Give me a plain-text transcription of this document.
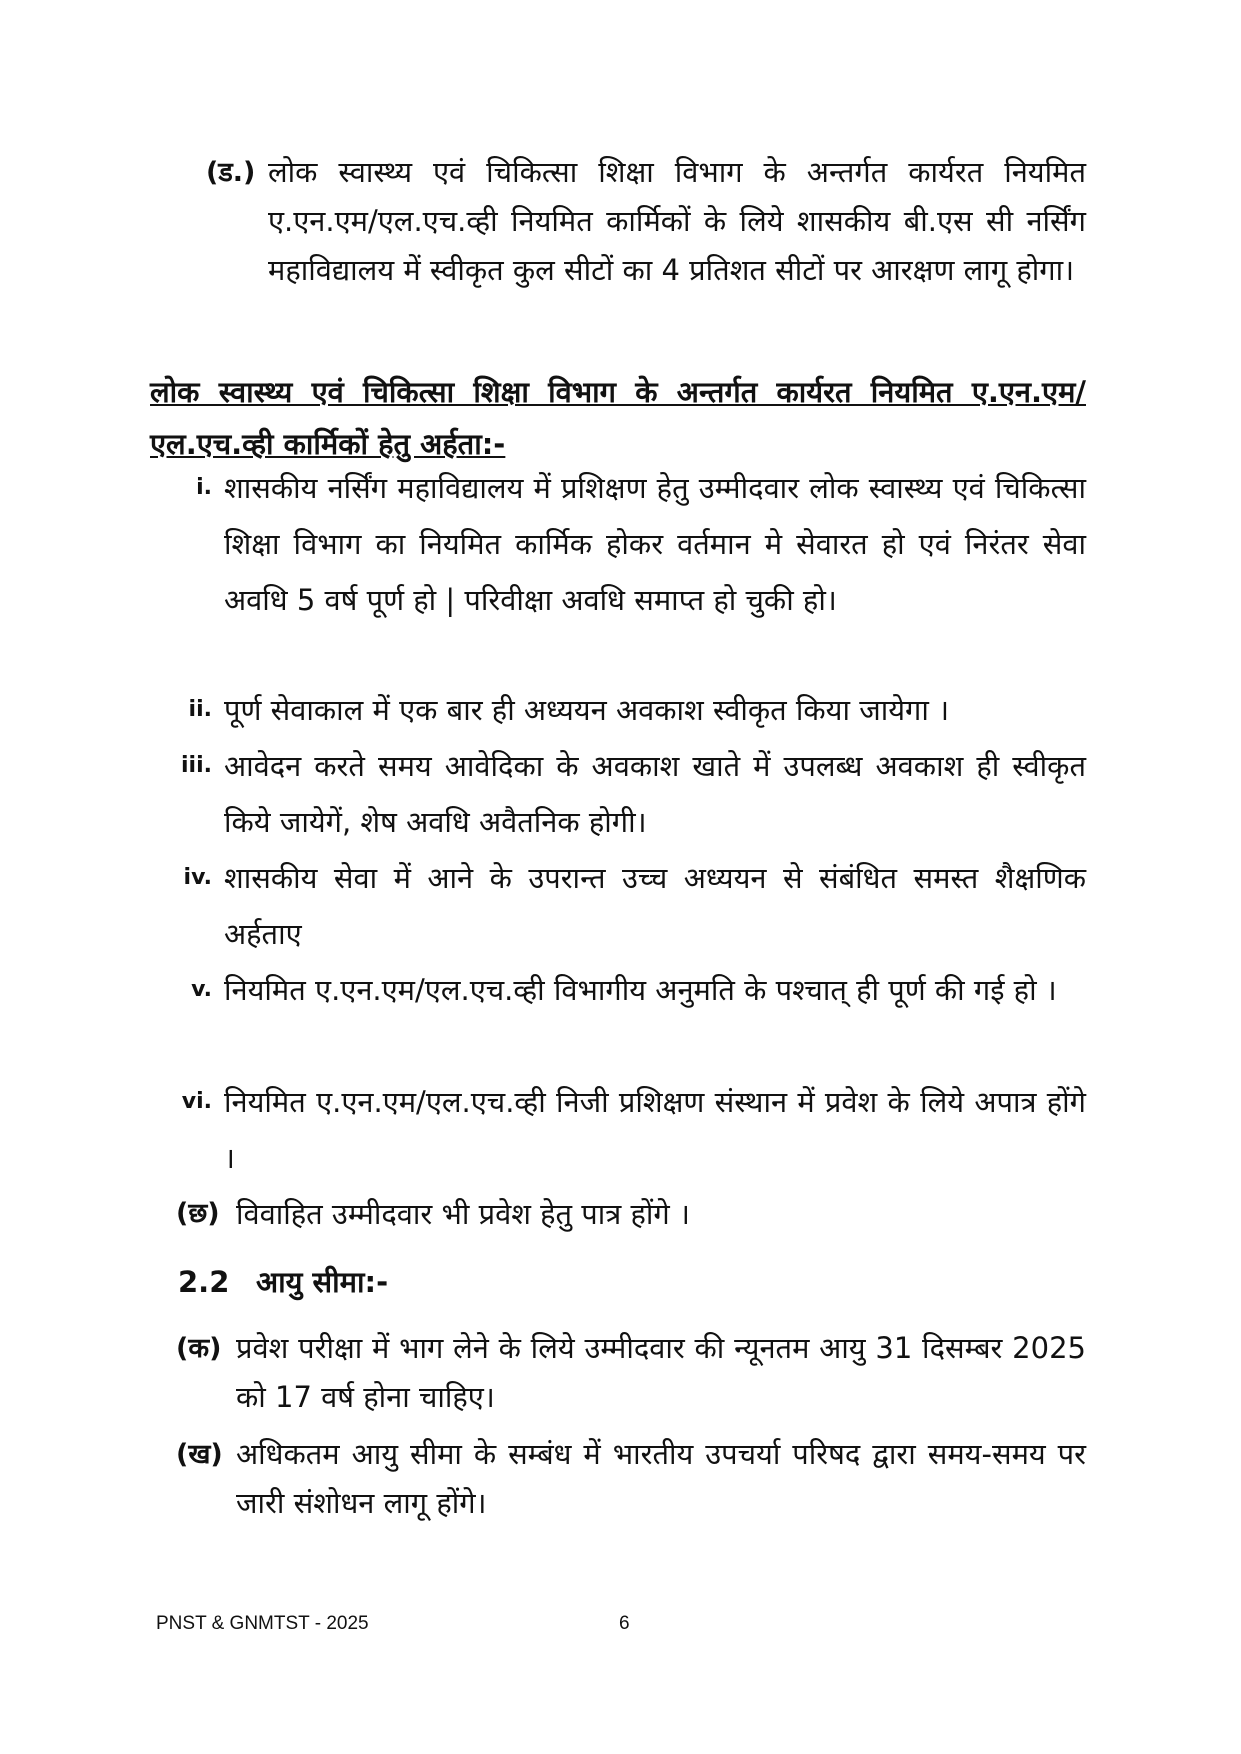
(ड.) लोक स्वास्थ्य एवं चिकित्सा शिक्षा विभाग के अन्तर्गत कार्यरत नियमित ए.एन.एम/एल.एच.व्ही नियमित कार्मिकों के लिये शासकीय बी.एस सी नर्सिंग महाविद्यालय में स्वीकृत कुल सीटों का 4 प्रतिशत सीटों पर आरक्षण लागू होगा।
लोक स्वास्थ्य एवं चिकित्सा शिक्षा विभाग के अन्तर्गत कार्यरत नियमित ए.एन.एम/एल.एच.व्ही कार्मिकों हेतु अर्हता:-
i. शासकीय नर्सिंग महाविद्यालय में प्रशिक्षण हेतु उम्मीदवार लोक स्वास्थ्य एवं चिकित्सा शिक्षा विभाग का नियमित कार्मिक होकर वर्तमान मे सेवारत हो एवं निरंतर सेवा अवधि 5 वर्ष पूर्ण हो | परिवीक्षा अवधि समाप्त हो चुकी हो।
ii. पूर्ण सेवाकाल में एक बार ही अध्ययन अवकाश स्वीकृत किया जायेगा ।
iii. आवेदन करते समय आवेदिका के अवकाश खाते में उपलब्ध अवकाश ही स्वीकृत किये जायेगें, शेष अवधि अवैतनिक होगी।
iv. शासकीय सेवा में आने के उपरान्त उच्च अध्ययन से संबंधित समस्त शैक्षणिक अर्हताए
v. नियमित ए.एन.एम/एल.एच.व्ही विभागीय अनुमति के पश्चात् ही पूर्ण की गई हो ।
vi. नियमित ए.एन.एम/एल.एच.व्ही निजी प्रशिक्षण संस्थान में प्रवेश के लिये अपात्र होंगे ।
(छ) विवाहित उम्मीदवार भी प्रवेश हेतु पात्र होंगे ।
2.2 आयु सीमा:-
(क) प्रवेश परीक्षा में भाग लेने के लिये उम्मीदवार की न्यूनतम आयु 31 दिसम्बर 2025 को 17 वर्ष होना चाहिए।
(ख) अधिकतम आयु सीमा के सम्बंध में भारतीय उपचर्या परिषद द्वारा समय-समय पर जारी संशोधन लागू होंगे।
PNST & GNMTST - 2025	6
